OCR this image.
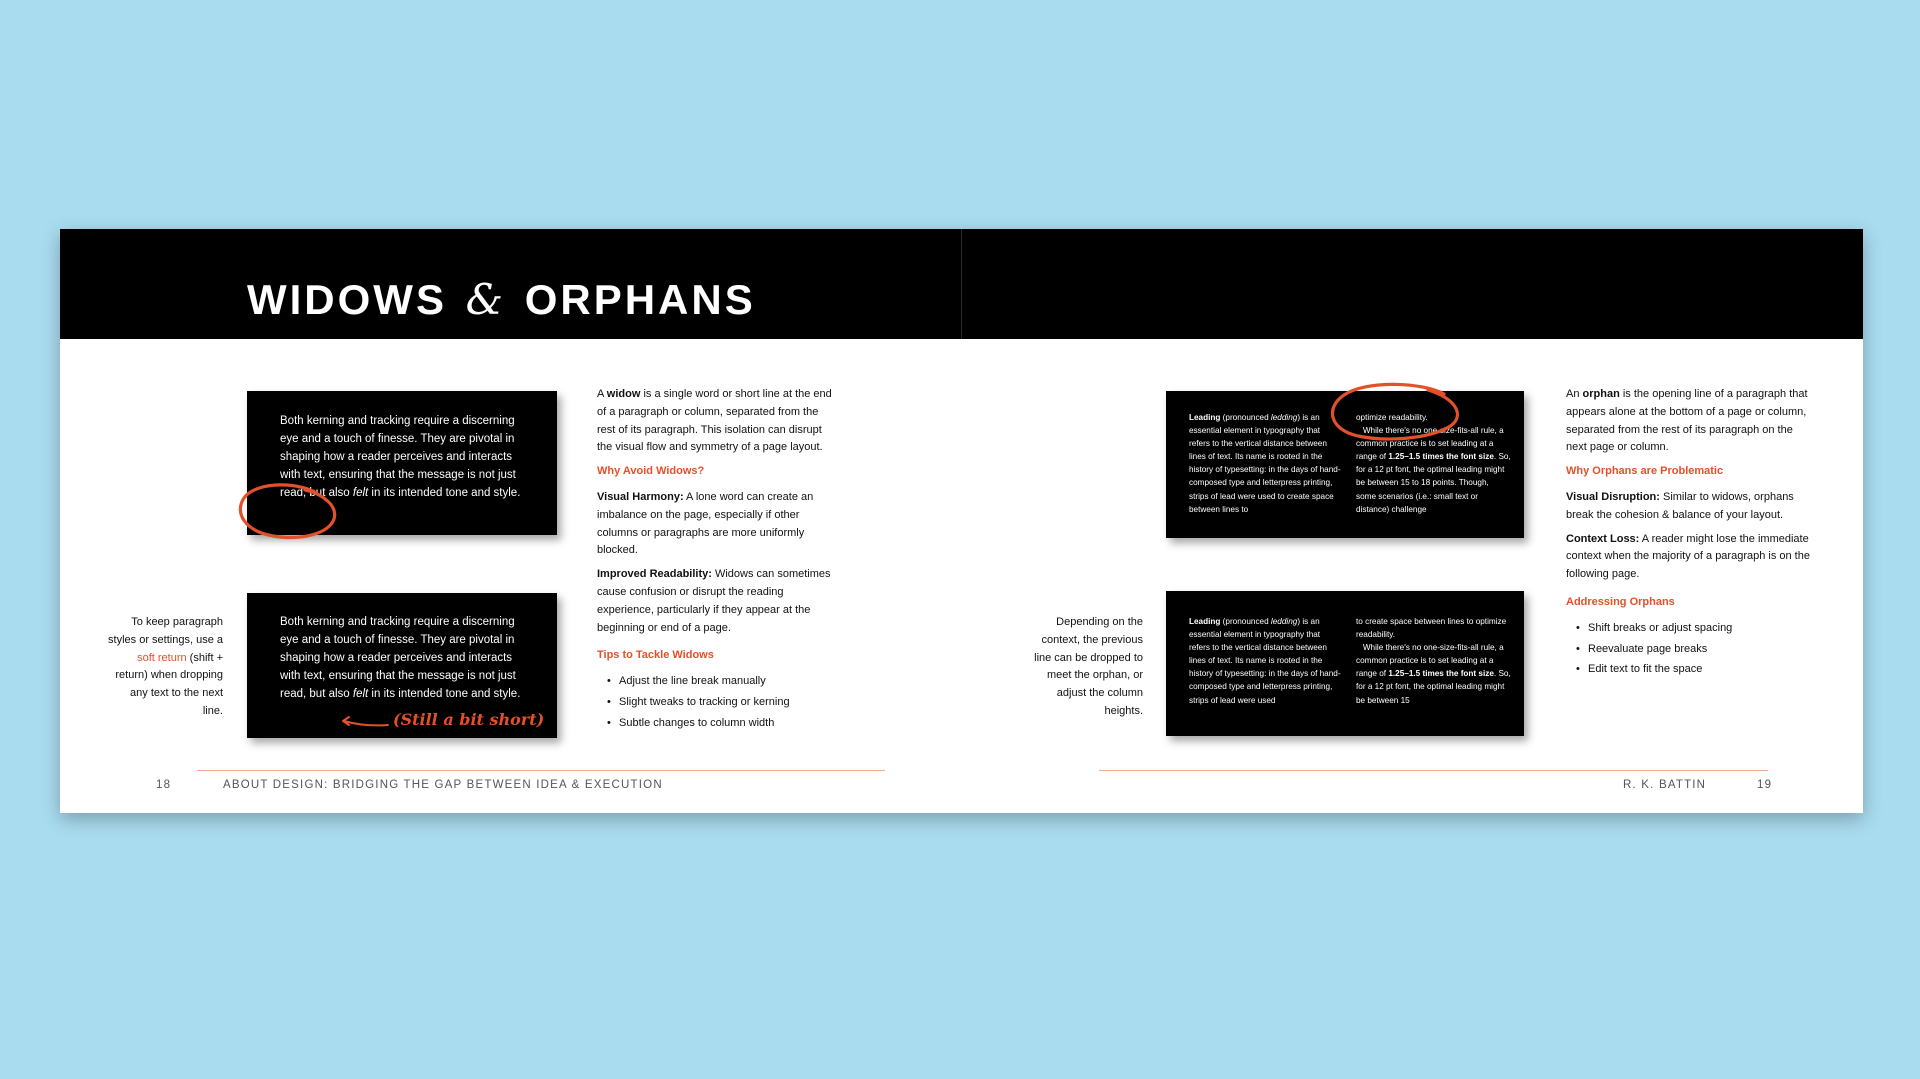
WIDOWS & ORPHANS
Both kerning and tracking require a discerning eye and a touch of finesse. They are pivotal in shaping how a reader perceives and interacts with text, ensuring that the message is not just read, but also felt in its intended tone and style.
Both kerning and tracking require a discerning eye and a touch of finesse. They are pivotal in shaping how a reader perceives and interacts with text, ensuring that the message is not just read, but also felt in its intended tone and style.
(Still a bit short)
To keep paragraph styles or settings, use a soft return (shift + return) when dropping any text to the next line.

A widow is a single word or short line at the end of a paragraph or column, separated from the rest of its paragraph. This isolation can disrupt the visual flow and symmetry of a page layout.

Why Avoid Widows?

Visual Harmony: A lone word can create an imbalance on the page, especially if other columns or paragraphs are more uniformly blocked.

Improved Readability: Widows can sometimes cause confusion or disrupt the reading experience, particularly if they appear at the beginning or end of a page.

Tips to Tackle Widows
• Adjust the line break manually
• Slight tweaks to tracking or kerning
• Subtle changes to column width
18	ABOUT DESIGN: BRIDGING THE GAP BETWEEN IDEA & EXECUTION
Leading (pronounced ledding) is an essential element in typography that refers to the vertical distance between lines of text. Its name is rooted in the history of typesetting: in the days of hand-composed type and letterpress printing, strips of lead were used to create space between lines to
optimize readability.
While there's no one-size-fits-all rule, a common practice is to set leading at a range of 1.25–1.5 times the font size. So, for a 12 pt font, the optimal leading might be between 15 to 18 points. Though, some scenarios (i.e.: small text or distance) challenge
Leading (pronounced ledding) is an essential element in typography that refers to the vertical distance between lines of text. Its name is rooted in the history of typesetting: in the days of hand-composed type and letterpress printing, strips of lead were used
to create space between lines to optimize readability.
While there's no one-size-fits-all rule, a common practice is to set leading at a range of 1.25–1.5 times the font size. So, for a 12 pt font, the optimal leading might be between 15
Depending on the context, the previous line can be dropped to meet the orphan, or adjust the column heights.

An orphan is the opening line of a paragraph that appears alone at the bottom of a page or column, separated from the rest of its paragraph on the next page or column.

Why Orphans are Problematic

Visual Disruption: Similar to widows, orphans break the cohesion & balance of your layout.

Context Loss: A reader might lose the immediate context when the majority of a paragraph is on the following page.

Addressing Orphans
• Shift breaks or adjust spacing
• Reevaluate page breaks
• Edit text to fit the space
R. K. BATTIN	19
